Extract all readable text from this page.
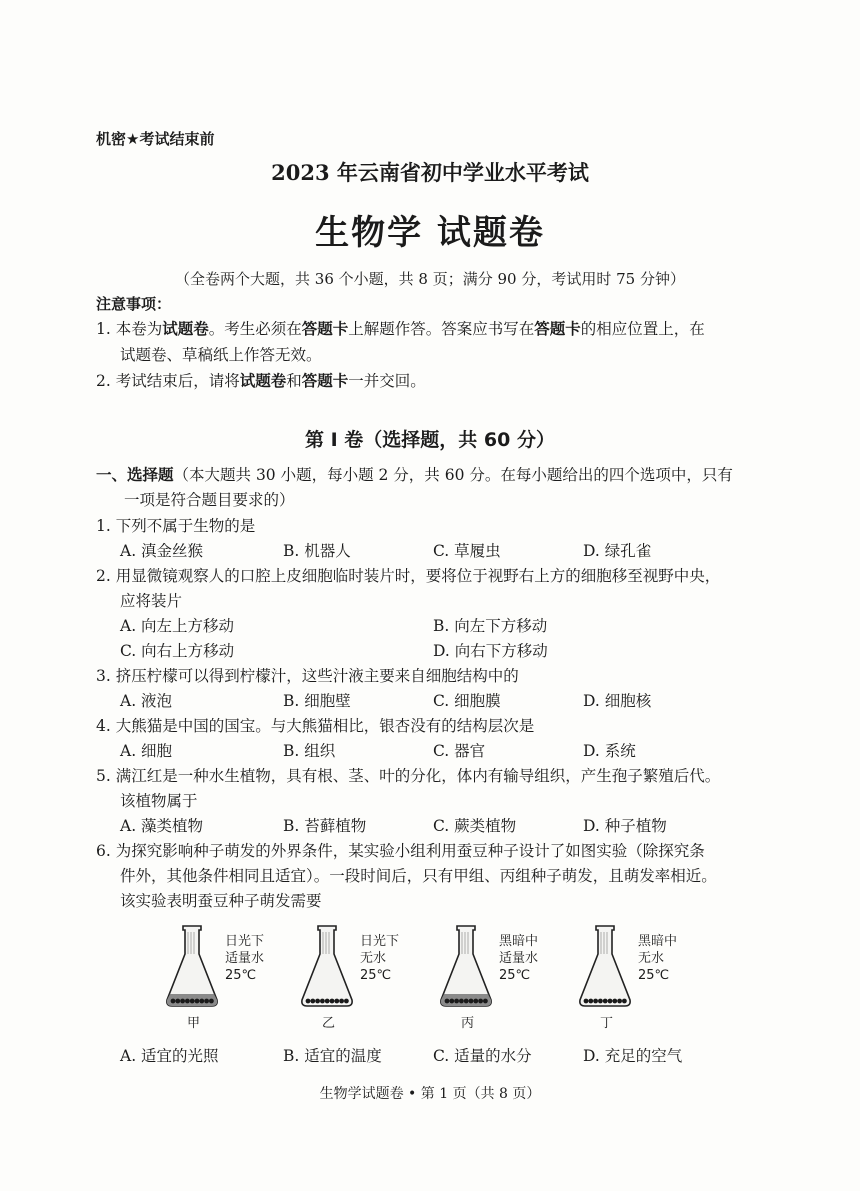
机密★考试结束前
2023 年云南省初中学业水平考试
生物学 试题卷
（全卷两个大题，共 36 个小题，共 8 页；满分 90 分，考试用时 75 分钟）
注意事项：
1. 本卷为试题卷。考生必须在答题卡上解题作答。答案应书写在答题卡的相应位置上，在
试题卷、草稿纸上作答无效。
2. 考试结束后，请将试题卷和答题卡一并交回。
第 I 卷（选择题，共 60 分）
一、选择题（本大题共 30 小题，每小题 2 分，共 60 分。在每小题给出的四个选项中，只有
一项是符合题目要求的）
1. 下列不属于生物的是
A. 滇金丝猴	B. 机器人	C. 草履虫	D. 绿孔雀
2. 用显微镜观察人的口腔上皮细胞临时装片时，要将位于视野右上方的细胞移至视野中央，
应将装片
A. 向左上方移动	B. 向左下方移动
C. 向右上方移动	D. 向右下方移动
3. 挤压柠檬可以得到柠檬汁，这些汁液主要来自细胞结构中的
A. 液泡	B. 细胞壁	C. 细胞膜	D. 细胞核
4. 大熊猫是中国的国宝。与大熊猫相比，银杏没有的结构层次是
A. 细胞	B. 组织	C. 器官	D. 系统
5. 满江红是一种水生植物，具有根、茎、叶的分化，体内有输导组织，产生孢子繁殖后代。
该植物属于
A. 藻类植物	B. 苔藓植物	C. 蕨类植物	D. 种子植物
6. 为探究影响种子萌发的外界条件，某实验小组利用蚕豆种子设计了如图实验（除探究条
件外，其他条件相同且适宜）。一段时间后，只有甲组、丙组种子萌发，且萌发率相近。
该实验表明蚕豆种子萌发需要
A. 适宜的光照	B. 适宜的温度	C. 适量的水分	D. 充足的空气
生物学试题卷 • 第 1 页（共 8 页）
日光下
适量水
25℃
甲
日光下
无水
25℃
乙
黑暗中
适量水
25℃
丙
黑暗中
无水
25℃
丁
